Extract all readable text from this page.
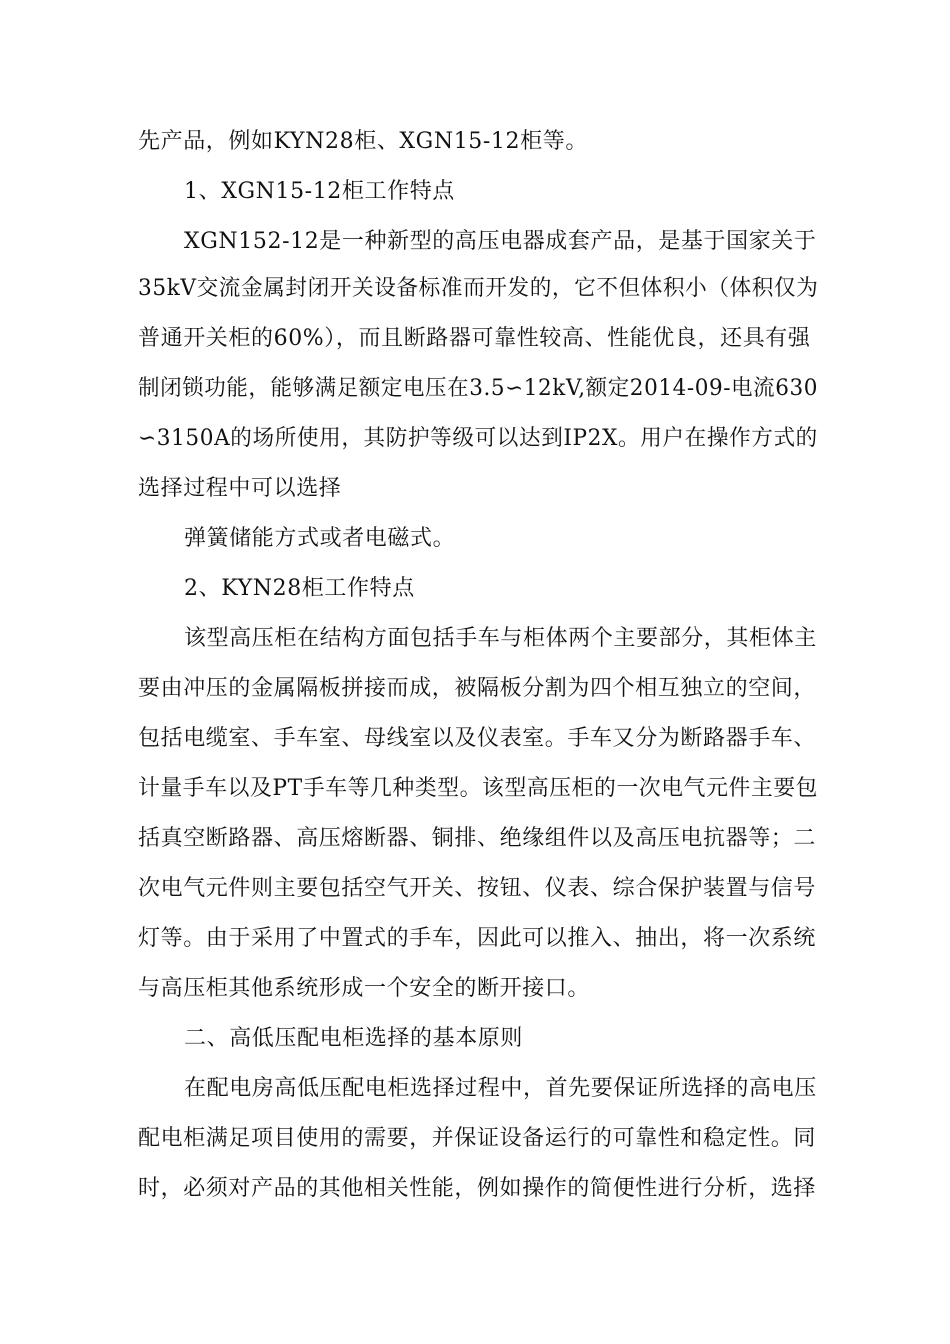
先产品，例如KYN28柜、XGN15-12柜等。
1、XGN15-12柜工作特点
XGN152-12是一种新型的高压电器成套产品，是基于国家关于
35kV交流金属封闭开关设备标准而开发的，它不但体积小（体积仅为
普通开关柜的60%），而且断路器可靠性较高、性能优良，还具有强
制闭锁功能，能够满足额定电压在3.5∽12kV,额定2014-09-电流630
∽3150A的场所使用，其防护等级可以达到IP2X。用户在操作方式的
选择过程中可以选择
弹簧储能方式或者电磁式。
2、KYN28柜工作特点
该型高压柜在结构方面包括手车与柜体两个主要部分，其柜体主
要由冲压的金属隔板拼接而成，被隔板分割为四个相互独立的空间，
包括电缆室、手车室、母线室以及仪表室。手车又分为断路器手车、
计量手车以及PT手车等几种类型。该型高压柜的一次电气元件主要包
括真空断路器、高压熔断器、铜排、绝缘组件以及高压电抗器等；二
次电气元件则主要包括空气开关、按钮、仪表、综合保护装置与信号
灯等。由于采用了中置式的手车，因此可以推入、抽出，将一次系统
与高压柜其他系统形成一个安全的断开接口。
二、高低压配电柜选择的基本原则
在配电房高低压配电柜选择过程中，首先要保证所选择的高电压
配电柜满足项目使用的需要，并保证设备运行的可靠性和稳定性。同
时，必须对产品的其他相关性能，例如操作的简便性进行分析，选择
